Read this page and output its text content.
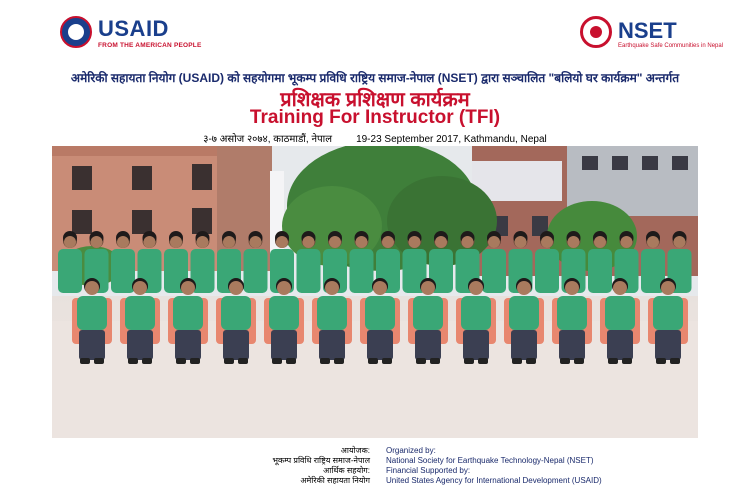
USAID
FROM THE AMERICAN PEOPLE
NSET
Earthquake Safe Communities in Nepal
अमेरिकी सहायता नियोग (USAID) को सहयोगमा भूकम्प प्रविधि राष्ट्रिय समाज-नेपाल (NSET) द्वारा सञ्चालित "बलियो घर कार्यक्रम" अन्तर्गत
प्रशिक्षक प्रशिक्षण कार्यक्रम
Training For Instructor (TFI)
३-७ असोज २०७४, काठमाडौं, नेपाल 19-23 September 2017, Kathmandu, Nepal
आयोजक:
भूकम्प प्रविधि राष्ट्रिय समाज-नेपाल
आर्थिक सहयोग:
अमेरिकी सहायता नियोग
Organized by:
National Society for Earthquake Technology-Nepal (NSET)
Financial Supported by:
United States Agency for International Development (USAID)
